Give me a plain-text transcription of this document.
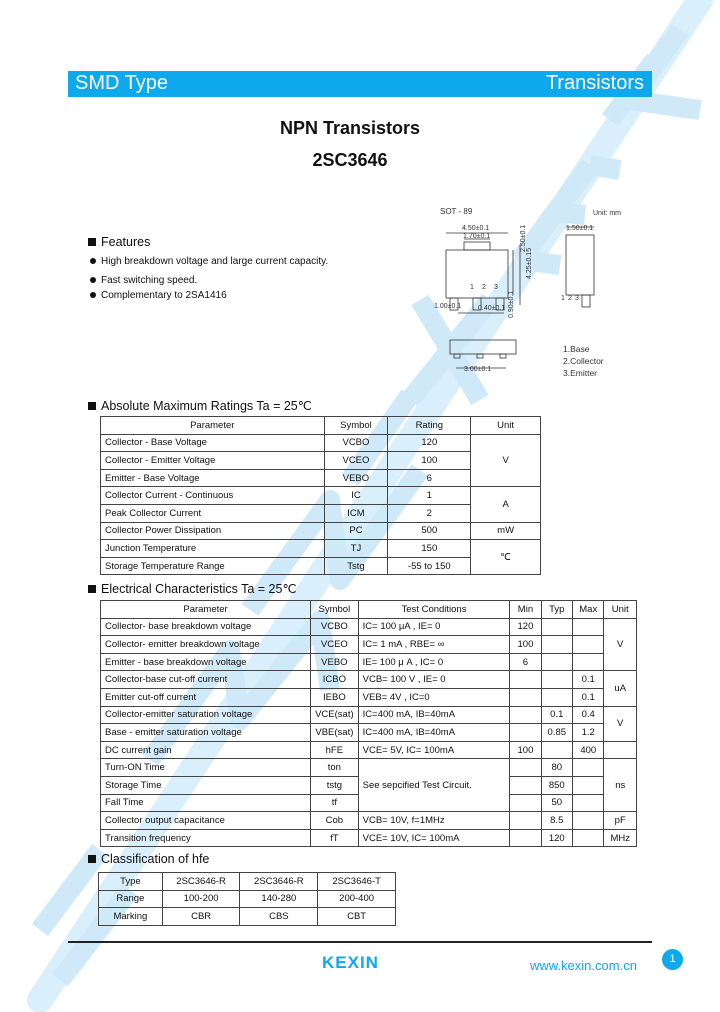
SMD Type	Transistors
NPN Transistors
2SC3646
SOT - 89	Unit: mm
4.50±0.1
1.70±0.1	2.50±0.1
4.25±0.15
0.40±0.1
1.50±0.1
1.00±0.1
3.00±0.1
0.90±0.1
1 2 3
1 2 3
1.Base
2.Collector
3.Emitter
Features
High breakdown voltage and large current capacity.
Fast switching speed.
Complementary to 2SA1416
Absolute Maximum Ratings Ta = 25℃
Parameter	Symbol	Rating	Unit
Collector - Base Voltage	VCBO	120	V
Collector - Emitter Voltage	VCEO	100	
Emitter - Base Voltage	VEBO	6	
Collector Current - Continuous	IC	1	A
Peak Collector Current	ICM	2	
Collector Power Dissipation	PC	500	mW
Junction Temperature	TJ	150	℃
Storage Temperature Range	Tstg	-55 to 150	
Electrical Characteristics Ta = 25℃
Parameter	Symbol	Test Conditions	Min	Typ	Max	Unit
Collector- base breakdown voltage	VCBO	IC= 100 μA , IE= 0	120			V
Collector- emitter breakdown voltage	VCEO	IC= 1 mA , RBE= ∞	100			
Emitter - base breakdown voltage	VEBO	IE= 100 μ A , IC= 0	6			
Collector-base cut-off current	ICBO	VCB= 100 V , IE= 0			0.1	uA
Emitter cut-off current	IEBO	VEB= 4V , IC=0			0.1	
Collector-emitter saturation voltage	VCE(sat)	IC=400 mA, IB=40mA		0.1	0.4	V
Base - emitter saturation voltage	VBE(sat)	IC=400 mA, IB=40mA		0.85	1.2	
DC current gain	hFE	VCE= 5V, IC= 100mA	100		400	
Turn-ON Time	ton	See sepcified Test Circuit.		80		ns
Storage Time	tstg			850		
Fall Time	tf			50		
Collector output capacitance	Cob	VCB= 10V, f=1MHz		8.5		pF
Transition frequency	fT	VCE= 10V, IC= 100mA		120		MHz
Classification of hfe
Type	2SC3646-R	2SC3646-R	2SC3646-T
Range	100-200	140-280	200-400
Marking	CBR	CBS	CBT
KEXIN	www.kexin.com.cn	1
